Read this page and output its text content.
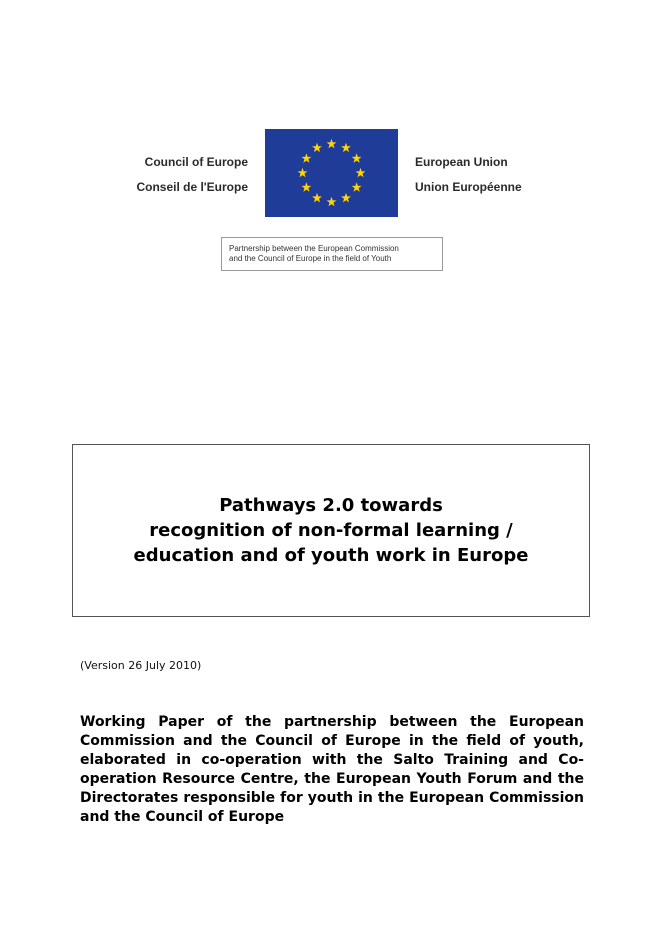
Council of Europe
Conseil de l'Europe
European Union
Union Européenne
Partnership between the European Commission
and the Council of Europe in the field of Youth
Pathways 2.0 towards
recognition of non-formal learning /
education and of youth work in Europe
(Version 26 July 2010)
Working Paper of the partnership between the European Commission and the Council of Europe in the field of youth, elaborated in co-operation with the Salto Training and Co-operation Resource Centre, the European Youth Forum and the Directorates responsible for youth in the European Commission and the Council of Europe
